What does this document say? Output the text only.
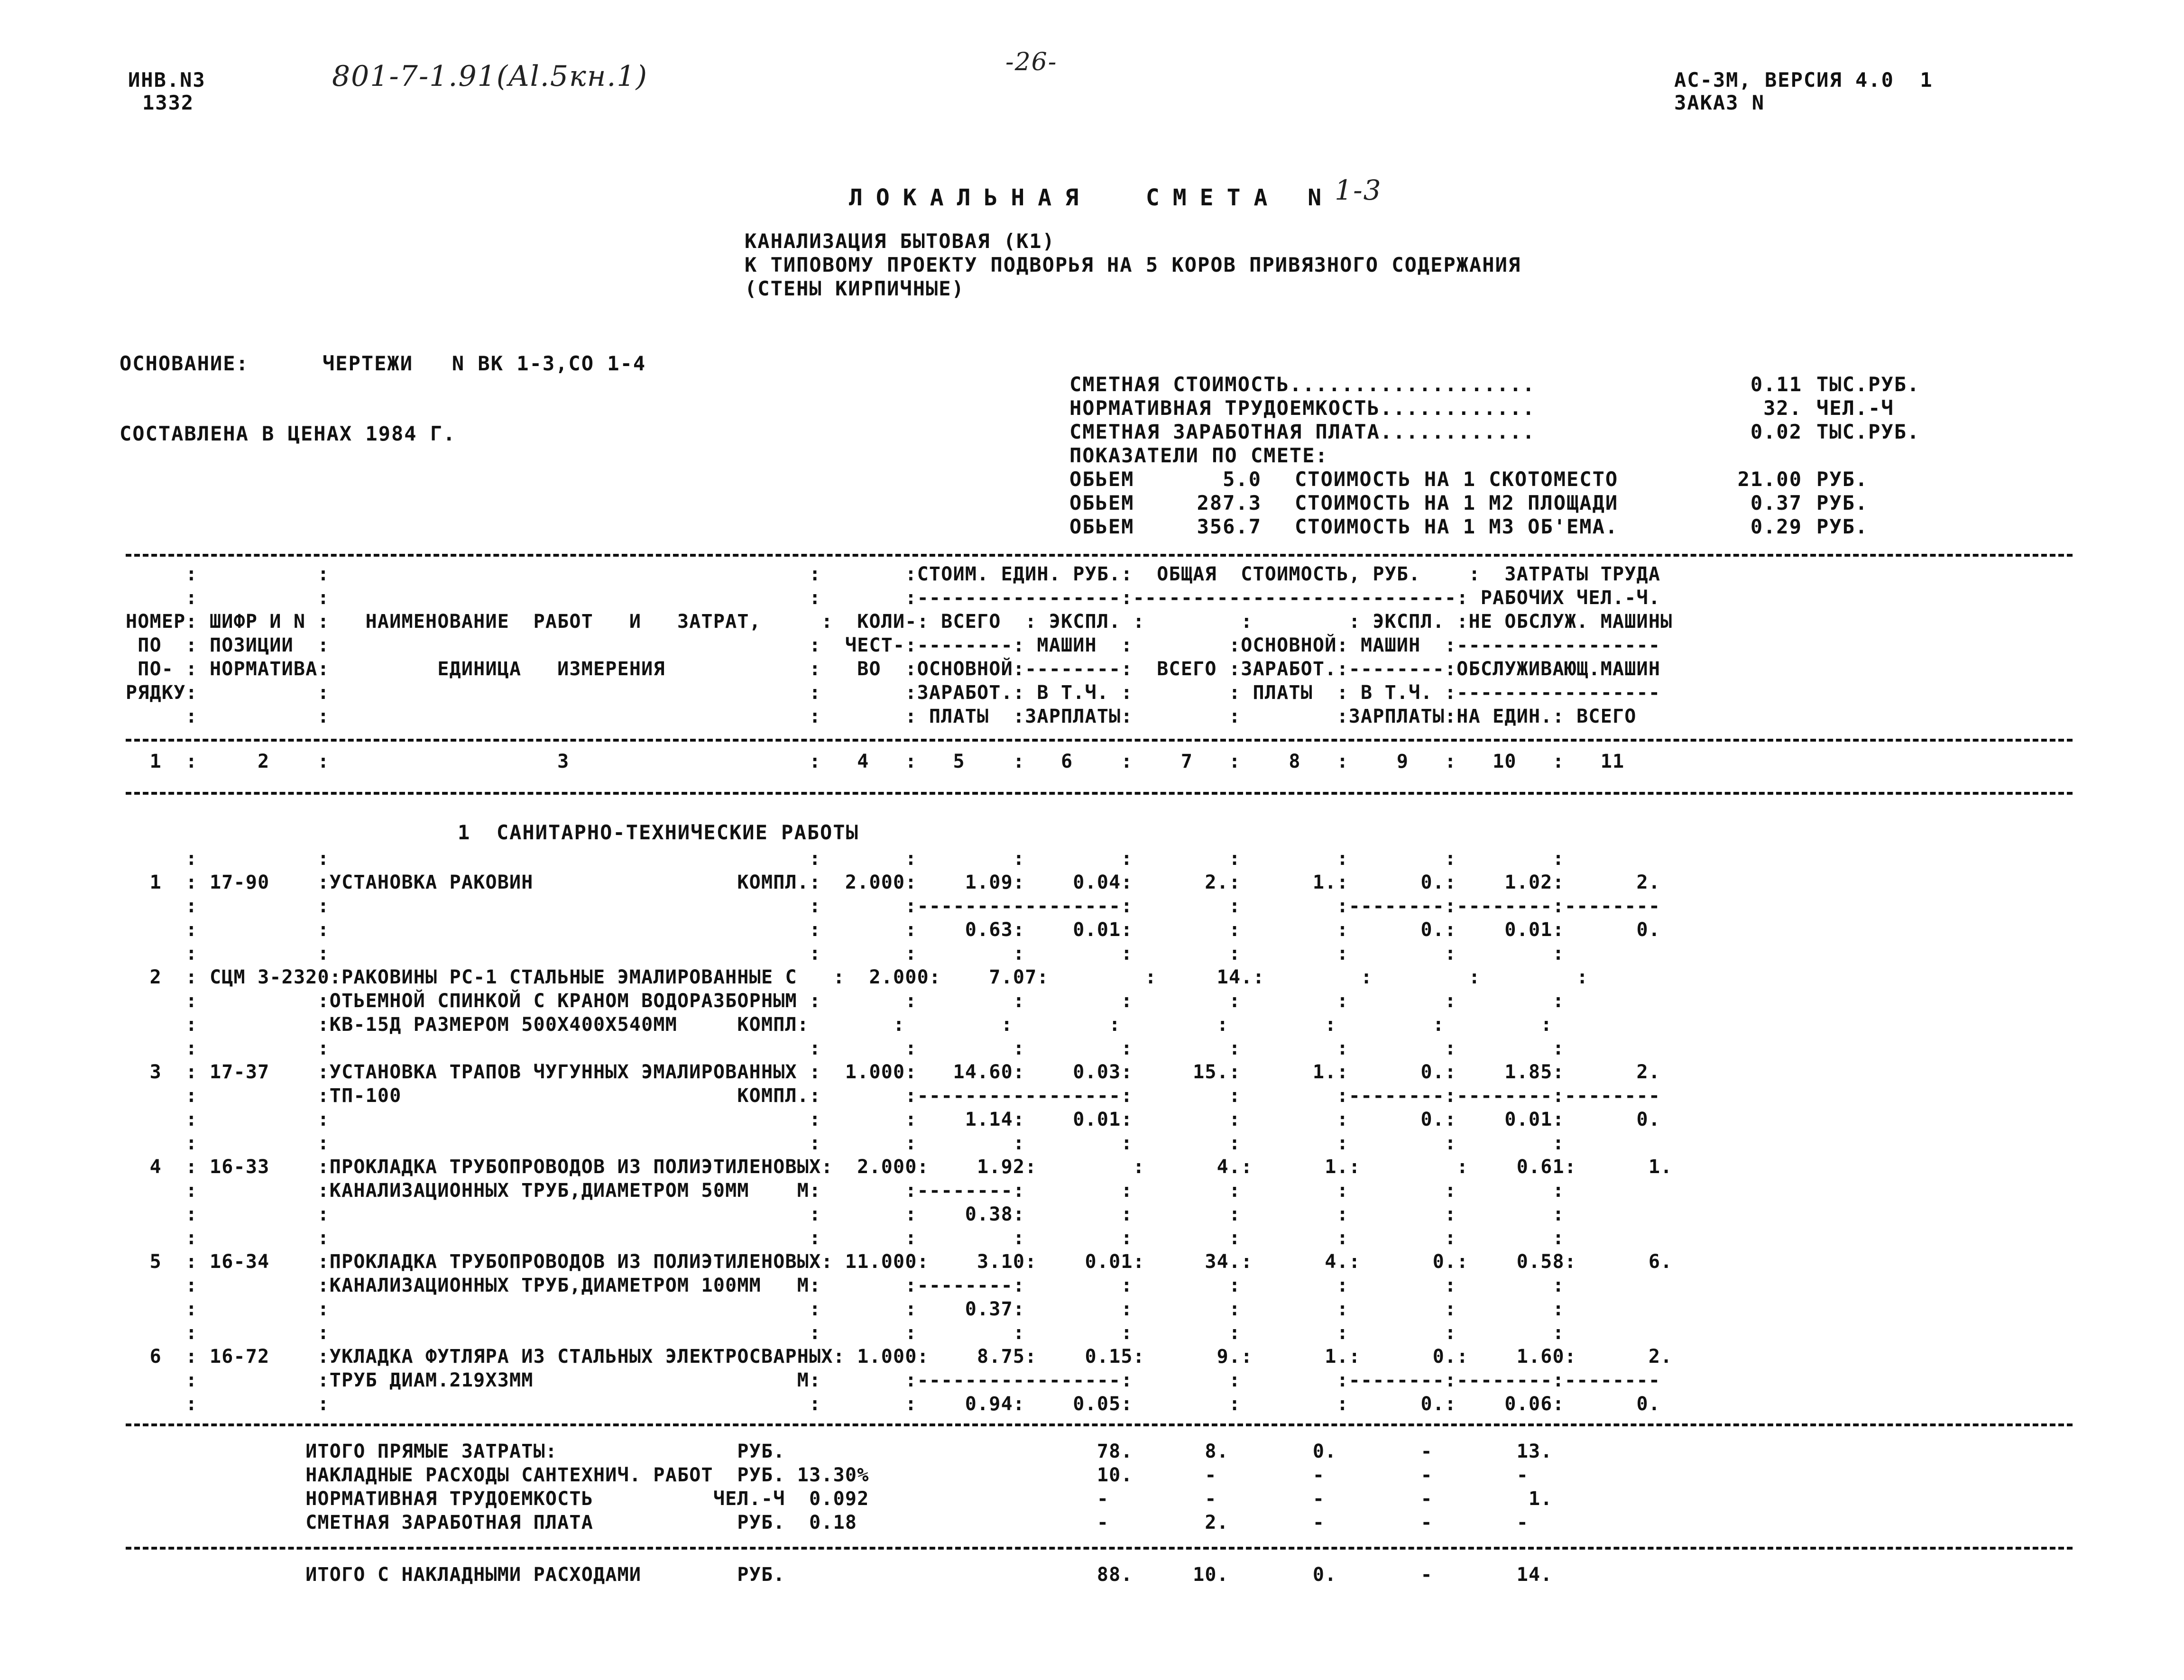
ИНВ.N3
1332
801-7-1.91(Al.5кн.1)	-26-
АС-3М, ВЕРСИЯ 4.0  1
ЗАКАЗ N
ЛОКАЛЬНАЯ  СМЕТА N1-3
КАНАЛИЗАЦИЯ БЫТОВАЯ (К1)
К ТИПОВОМУ ПРОЕКТУ ПОДВОРЬЯ НА 5 КОРОВ ПРИВЯЗНОГО СОДЕРЖАНИЯ
(СТЕНЫ КИРПИЧНЫЕ)
ОСНОВАНИЕ:	ЧЕРТЕЖИ   N ВК 1-3,СО 1-4
СОСТАВЛЕНА В ЦЕНАХ 1984 Г.
СМЕТНАЯ СТОИМОСТЬ...................	0.11 ТЫС.РУБ.
НОРМАТИВНАЯ ТРУДОЕМКОСТЬ............	32. ЧЕЛ.-Ч
СМЕТНАЯ ЗАРАБОТНАЯ ПЛАТА............	0.02 ТЫС.РУБ.
ПОКАЗАТЕЛИ ПО СМЕТЕ:
ОБЬЕМ	5.0 СТОИМОСТЬ НА 1 СКОТОМЕСТО	21.00 РУБ.
ОБЬЕМ	287.3 СТОИМОСТЬ НА 1 М2 ПЛОЩАДИ	0.37 РУБ.
ОБЬЕМ	356.7 СТОИМОСТЬ НА 1 М3 ОБ'ЕМА.	0.29 РУБ.
:          :                                        :       :СТОИМ. ЕДИН. РУБ.:  ОБЩАЯ  СТОИМОСТЬ, РУБ.    :  ЗАТРАТЫ ТРУДА
:          :                                        :       :-----------------:---------------------------: РАБОЧИХ ЧЕЛ.-Ч.
НОМЕР: ШИФР И N :   НАИМЕНОВАНИЕ  РАБОТ   И   ЗАТРАТ,     :  КОЛИ-: ВСЕГО  : ЭКСПЛ. :        :        : ЭКСПЛ. :НЕ ОБСЛУЖ. МАШИНЫ
ПО  : ПОЗИЦИИ  :                                        :  ЧЕСТ-:--------: МАШИН  :        :ОСНОВНОЙ: МАШИН  :-----------------
ПО- : НОРМАТИВА:         ЕДИНИЦА   ИЗМЕРЕНИЯ            :   ВО  :ОСНОВНОЙ:--------:  ВСЕГО :ЗАРАБОТ.:--------:ОБСЛУЖИВАЮЩ.МАШИН
РЯДКУ:          :                                        :       :ЗАРАБОТ.: В Т.Ч. :        : ПЛАТЫ  : В Т.Ч. :-----------------
:          :                                        :       : ПЛАТЫ  :ЗАРПЛАТЫ:        :        :ЗАРПЛАТЫ:НА ЕДИН.: ВСЕГО
1  :     2    :                   3                    :   4   :   5    :   6    :    7   :    8   :    9   :   10   :   11
1  САНИТАРНО-ТЕХНИЧЕСКИЕ РАБОТЫ
:          :                                        :       :        :        :        :        :        :        :
1  : 17-90    :УСТАНОВКА РАКОВИН                 КОМПЛ.:  2.000:    1.09:    0.04:      2.:      1.:      0.:    1.02:      2.
:          :                                        :       :-----------------:        :        :--------:--------:--------
:          :                                        :       :    0.63:    0.01:        :        :      0.:    0.01:      0.
:          :                                        :       :        :        :        :        :        :        :
2  : СЦМ 3-2320:РАКОВИНЫ РС-1 СТАЛЬНЫЕ ЭМАЛИРОВАННЫЕ С   :  2.000:    7.07:        :     14.:        :        :        :
:          :ОТЬЕМНОЙ СПИНКОЙ С КРАНОМ ВОДОРАЗБОРНЫМ :       :        :        :        :        :        :        :
:          :КВ-15Д РАЗМЕРОМ 500Х400Х540ММ     КОМПЛ:       :        :        :        :        :        :        :
:          :                                        :       :        :        :        :        :        :        :
3  : 17-37    :УСТАНОВКА ТРАПОВ ЧУГУННЫХ ЭМАЛИРОВАННЫХ :  1.000:   14.60:    0.03:     15.:      1.:      0.:    1.85:      2.
:          :ТП-100                            КОМПЛ.:       :-----------------:        :        :--------:--------:--------
:          :                                        :       :    1.14:    0.01:        :        :      0.:    0.01:      0.
:          :                                        :       :        :        :        :        :        :        :
4  : 16-33    :ПРОКЛАДКА ТРУБОПРОВОДОВ ИЗ ПОЛИЭТИЛЕНОВЫХ:  2.000:    1.92:        :      4.:      1.:        :    0.61:      1.
:          :КАНАЛИЗАЦИОННЫХ ТРУБ,ДИАМЕТРОМ 50ММ    М:       :--------:        :        :        :        :        :
:          :                                        :       :    0.38:        :        :        :        :        :
:          :                                        :       :        :        :        :        :        :        :
5  : 16-34    :ПРОКЛАДКА ТРУБОПРОВОДОВ ИЗ ПОЛИЭТИЛЕНОВЫХ: 11.000:    3.10:    0.01:     34.:      4.:      0.:    0.58:      6.
:          :КАНАЛИЗАЦИОННЫХ ТРУБ,ДИАМЕТРОМ 100ММ   М:       :--------:        :        :        :        :        :
:          :                                        :       :    0.37:        :        :        :        :        :
:          :                                        :       :        :        :        :        :        :        :
6  : 16-72    :УКЛАДКА ФУТЛЯРА ИЗ СТАЛЬНЫХ ЭЛЕКТРОСВАРНЫХ: 1.000:    8.75:    0.15:      9.:      1.:      0.:    1.60:      2.
:          :ТРУБ ДИАМ.219Х3ММ                      М:       :-----------------:        :        :--------:--------:--------
:          :                                        :       :    0.94:    0.05:        :        :      0.:    0.06:      0.
ИТОГО ПРЯМЫЕ ЗАТРАТЫ:               РУБ.                          78.      8.       0.       -       13.
НАКЛАДНЫЕ РАСХОДЫ САНТЕХНИЧ. РАБОТ  РУБ. 13.30%                   10.      -        -        -       -
НОРМАТИВНАЯ ТРУДОЕМКОСТЬ          ЧЕЛ.-Ч  0.092                   -        -        -        -        1.
СМЕТНАЯ ЗАРАБОТНАЯ ПЛАТА            РУБ.  0.18                    -        2.       -        -       -
ИТОГО С НАКЛАДНЫМИ РАСХОДАМИ        РУБ.                          88.     10.       0.       -       14.
